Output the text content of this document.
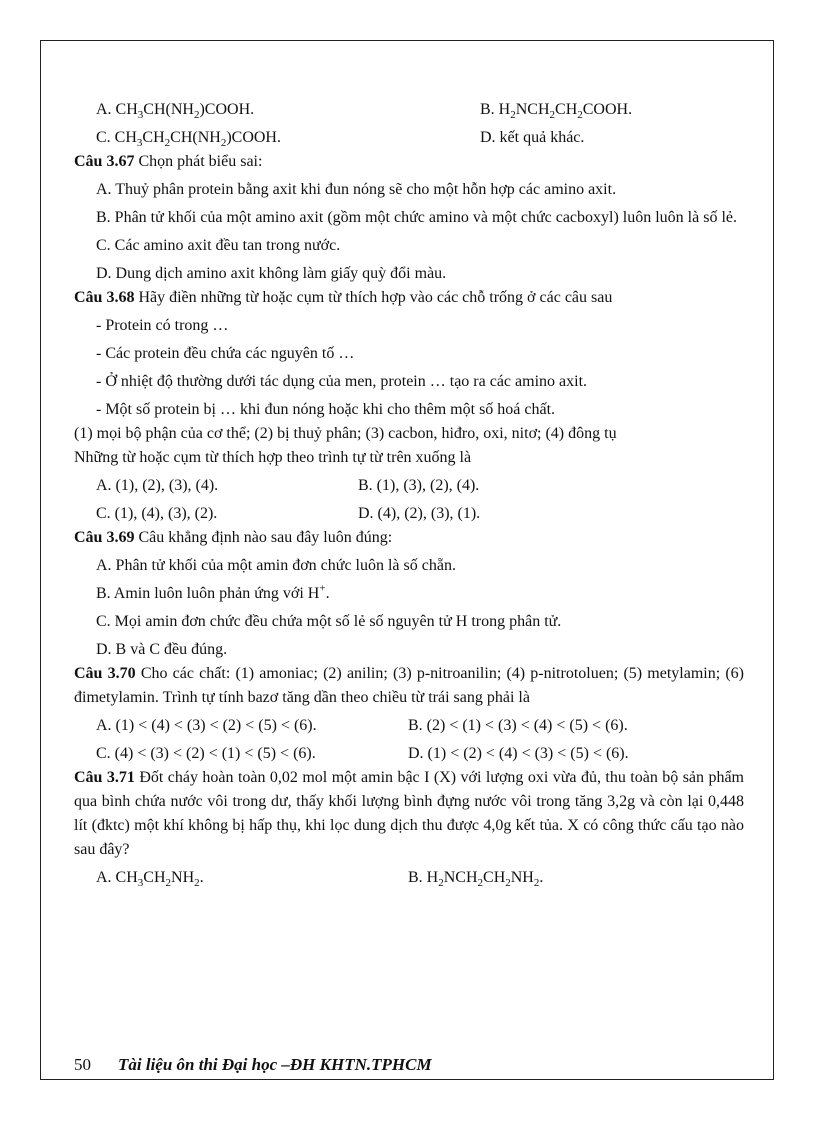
A. $CH_3CH(NH_2)COOH$.	B. $H_2NCH_2CH_2COOH$.
C. $CH_3CH_2CH(NH_2)COOH$.	D. kết quả khác.

Câu 3.67 Chọn phát biểu sai:

A. Thuỷ phân protein bằng axit khi đun nóng sẽ cho một hỗn hợp các amino axit.
B. Phân tử khối của một amino axit (gồm một chức amino và một chức cacboxyl) luôn luôn là số lẻ.
C. Các amino axit đều tan trong nước.
D. Dung dịch amino axit không làm giấy quỳ đổi màu.

Câu 3.68 Hãy điền những từ hoặc cụm từ thích hợp vào các chỗ trống ở các câu sau

- Protein có trong …
- Các protein đều chứa các nguyên tố …
- Ở nhiệt độ thường dưới tác dụng của men, protein … tạo ra các amino axit.
- Một số protein bị … khi đun nóng hoặc khi cho thêm một số hoá chất.

(1) mọi bộ phận của cơ thể; (2) bị thuỷ phân; (3) cacbon, hiđro, oxi, nitơ; (4) đông tụ

Những từ hoặc cụm từ thích hợp theo trình tự từ trên xuống là

A. (1), (2), (3), (4).	B. (1), (3), (2), (4).
C. (1), (4), (3), (2).	D. (4), (2), (3), (1).

Câu 3.69 Câu khẳng định nào sau đây luôn đúng:

A. Phân tử khối của một amin đơn chức luôn là số chẵn.
B. Amin luôn luôn phản ứng với H+.
C. Mọi amin đơn chức đều chứa một số lẻ số nguyên tử H trong phân tử.
D. B và C đều đúng.

Câu 3.70 Cho các chất: (1) amoniac; (2) anilin; (3) p-nitroanilin; (4) p-nitrotoluen; (5) metylamin; (6) đimetylamin. Trình tự tính bazơ tăng dần theo chiều từ trái sang phải là

A. (1) < (4) < (3) < (2) < (5) < (6).	B. (2) < (1) < (3) < (4) < (5) < (6).
C. (4) < (3) < (2) < (1) < (5) < (6).	D. (1) < (2) < (4) < (3) < (5) < (6).

Câu 3.71 Đốt cháy hoàn toàn 0,02 mol một amin bậc I (X) với lượng oxi vừa đủ, thu toàn bộ sản phẩm qua bình chứa nước vôi trong dư, thấy khối lượng bình đựng nước vôi trong tăng 3,2g và còn lại 0,448 lít (đktc) một khí không bị hấp thụ, khi lọc dung dịch thu được 4,0g kết tủa. X có công thức cấu tạo nào sau đây?

A. $CH_3CH_2NH_2$.	B. $H_2NCH_2CH_2NH_2$.
50 Tài liệu ôn thi Đại học –ĐH KHTN.TPHCM
